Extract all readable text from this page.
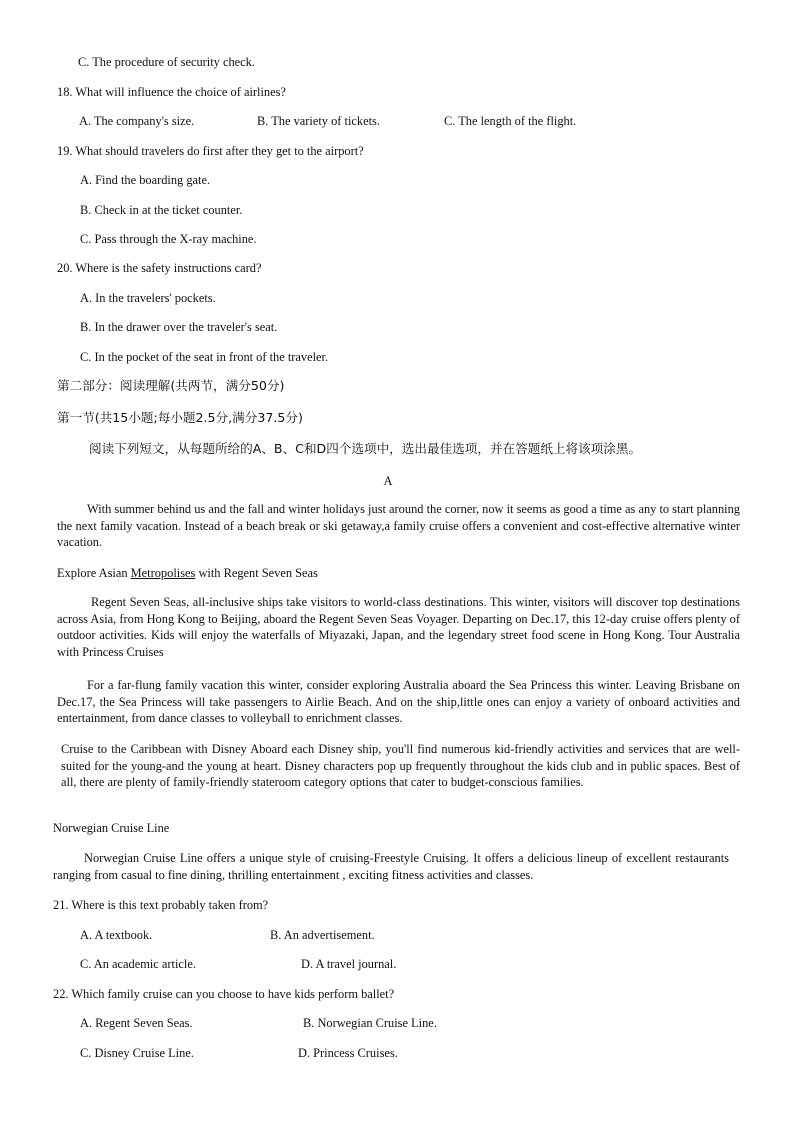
C. The procedure of security check.
18. What will influence the choice of airlines?
A. The company's size.	B. The variety of tickets.	C. The length of the flight.
19. What should travelers do first after they get to the airport?
A. Find the boarding gate.
B. Check in at the ticket counter.
C. Pass through the X-ray machine.
20. Where is the safety instructions card?
A. In the travelers' pockets.
B. In the drawer over the traveler's seat.
C. In the pocket of the seat in front of the traveler.
第二部分：阅读理解(共两节，满分50分)
第一节(共15小题;每小题2.5分,满分37.5分)
阅读下列短文，从每题所给的A、B、C和D四个选项中，选出最佳选项，并在答题纸上将该项涂黑。
A
With summer behind us and the fall and winter holidays just around the corner, now it seems as good a time as any to start planning the next family vacation. Instead of a beach break or ski getaway,a family cruise offers a convenient and cost-effective alternative winter vacation.
Explore Asian Metropolises with Regent Seven Seas
Regent Seven Seas, all-inclusive ships take visitors to world-class destinations. This winter, visitors will discover top destinations across Asia, from Hong Kong to Beijing, aboard the Regent Seven Seas Voyager. Departing on Dec.17, this 12-day cruise offers plenty of outdoor activities. Kids will enjoy the waterfalls of Miyazaki, Japan, and the legendary street food scene in Hong Kong. Tour Australia with Princess Cruises
For a far-flung family vacation this winter, consider exploring Australia aboard the Sea Princess this winter. Leaving Brisbane on Dec.17, the Sea Princess will take passengers to Airlie Beach. And on the ship,little ones can enjoy a variety of onboard activities and entertainment, from dance classes to volleyball to enrichment classes.
Cruise to the Caribbean with Disney Aboard each Disney ship, you'll find numerous kid-friendly activities and services that are well-suited for the young-and the young at heart. Disney characters pop up frequently throughout the kids club and in public spaces. Best of all, there are plenty of family-friendly stateroom category options that cater to budget-conscious families.
Norwegian Cruise Line
Norwegian Cruise Line offers a unique style of cruising-Freestyle Cruising. It offers a delicious lineup of excellent restaurants ranging from casual to fine dining, thrilling entertainment , exciting fitness activities and classes.
21. Where is this text probably taken from?
A. A textbook.	B. An advertisement.
C. An academic article.	D. A travel journal.
22. Which family cruise can you choose to have kids perform ballet?
A. Regent Seven Seas.	B. Norwegian Cruise Line.
C. Disney Cruise Line.	D. Princess Cruises.
